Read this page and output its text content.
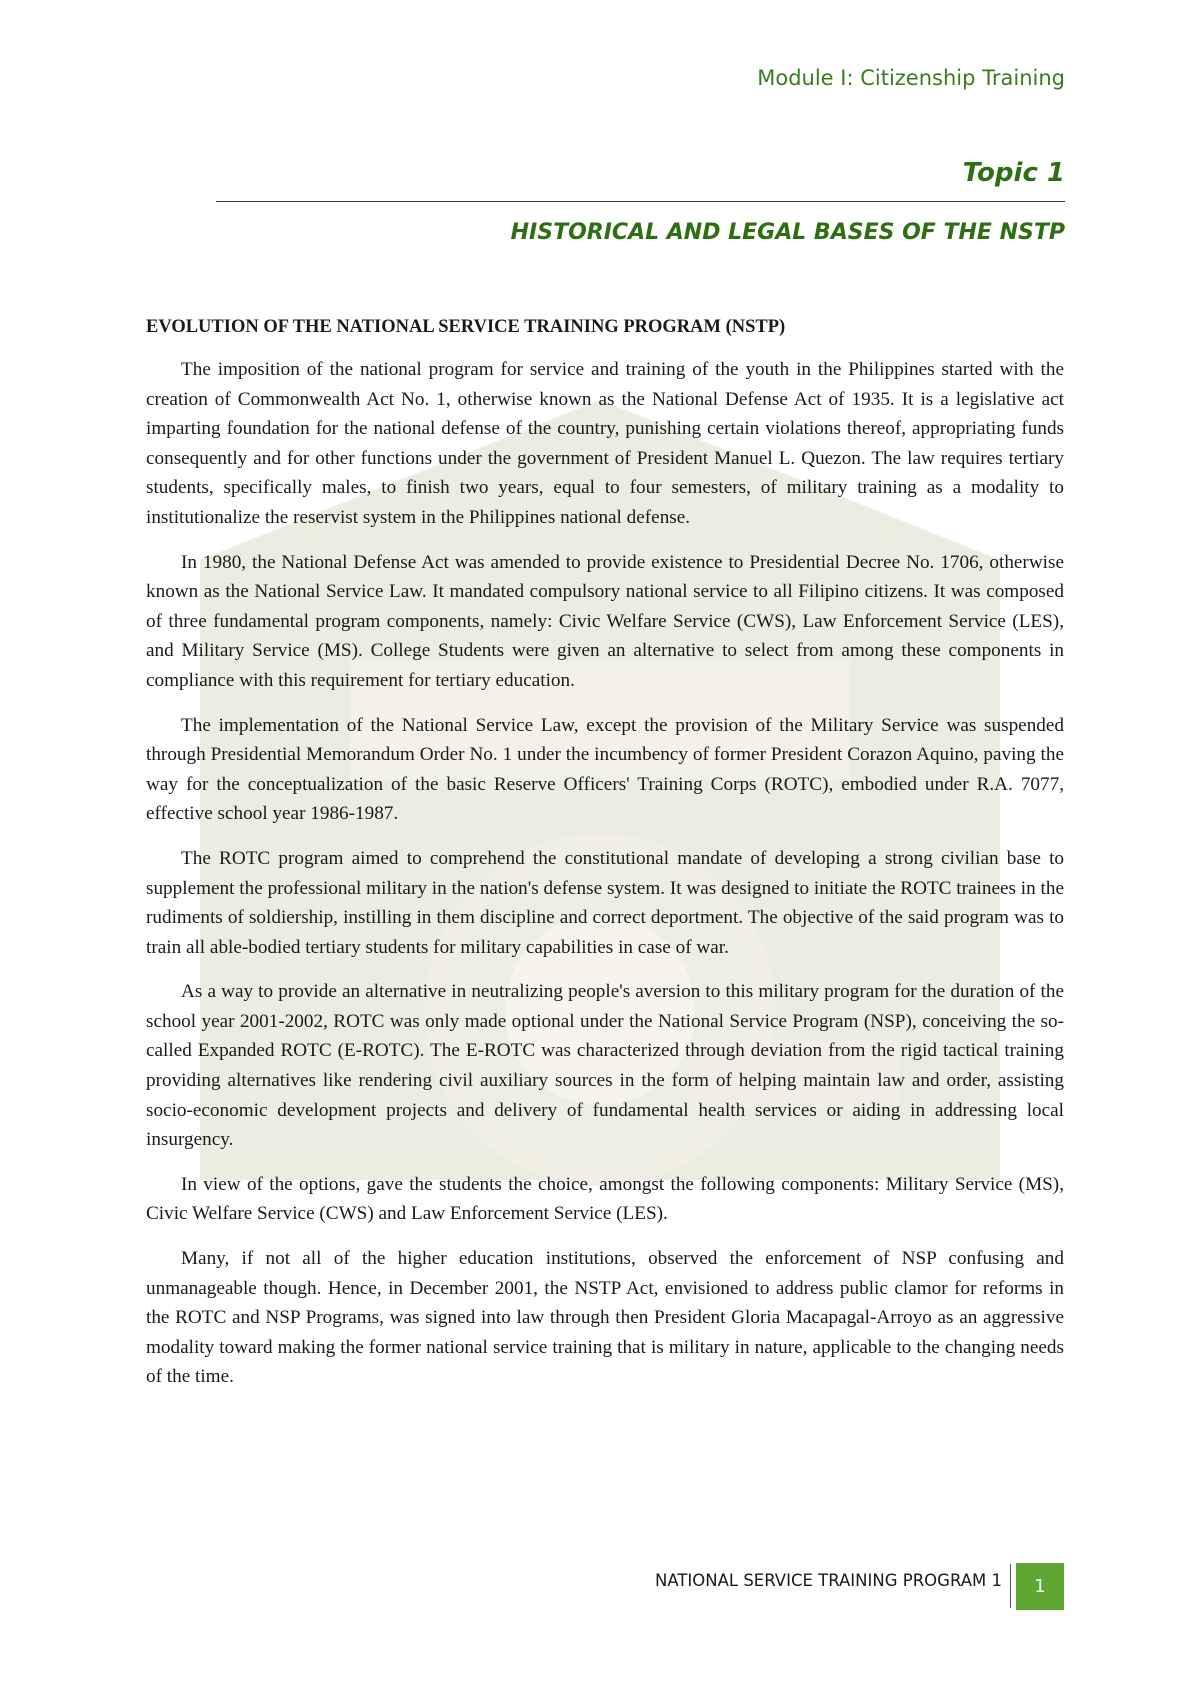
Module I: Citizenship Training
Topic 1
HISTORICAL AND LEGAL BASES OF THE NSTP
EVOLUTION OF THE NATIONAL SERVICE TRAINING PROGRAM (NSTP)

The imposition of the national program for service and training of the youth in the Philippines started with the creation of Commonwealth Act No. 1, otherwise known as the National Defense Act of 1935. It is a legislative act imparting foundation for the national defense of the country, punishing certain violations thereof, appropriating funds consequently and for other functions under the government of President Manuel L. Quezon. The law requires tertiary students, specifically males, to finish two years, equal to four semesters, of military training as a modality to institutionalize the reservist system in the Philippines national defense.

In 1980, the National Defense Act was amended to provide existence to Presidential Decree No. 1706, otherwise known as the National Service Law. It mandated compulsory national service to all Filipino citizens. It was composed of three fundamental program components, namely: Civic Welfare Service (CWS), Law Enforcement Service (LES), and Military Service (MS). College Students were given an alternative to select from among these components in compliance with this requirement for tertiary education.

The implementation of the National Service Law, except the provision of the Military Service was suspended through Presidential Memorandum Order No. 1 under the incumbency of former President Corazon Aquino, paving the way for the conceptualization of the basic Reserve Officers' Training Corps (ROTC), embodied under R.A. 7077, effective school year 1986-1987.

The ROTC program aimed to comprehend the constitutional mandate of developing a strong civilian base to supplement the professional military in the nation's defense system. It was designed to initiate the ROTC trainees in the rudiments of soldiership, instilling in them discipline and correct deportment. The objective of the said program was to train all able-bodied tertiary students for military capabilities in case of war.

As a way to provide an alternative in neutralizing people's aversion to this military program for the duration of the school year 2001-2002, ROTC was only made optional under the National Service Program (NSP), conceiving the so-called Expanded ROTC (E-ROTC). The E-ROTC was characterized through deviation from the rigid tactical training providing alternatives like rendering civil auxiliary sources in the form of helping maintain law and order, assisting socio-economic development projects and delivery of fundamental health services or aiding in addressing local insurgency.

In view of the options, gave the students the choice, amongst the following components: Military Service (MS), Civic Welfare Service (CWS) and Law Enforcement Service (LES).

Many, if not all of the higher education institutions, observed the enforcement of NSP confusing and unmanageable though. Hence, in December 2001, the NSTP Act, envisioned to address public clamor for reforms in the ROTC and NSP Programs, was signed into law through then President Gloria Macapagal-Arroyo as an aggressive modality toward making the former national service training that is military in nature, applicable to the changing needs of the time.

NATIONAL SERVICE TRAINING PROGRAM 1	1
